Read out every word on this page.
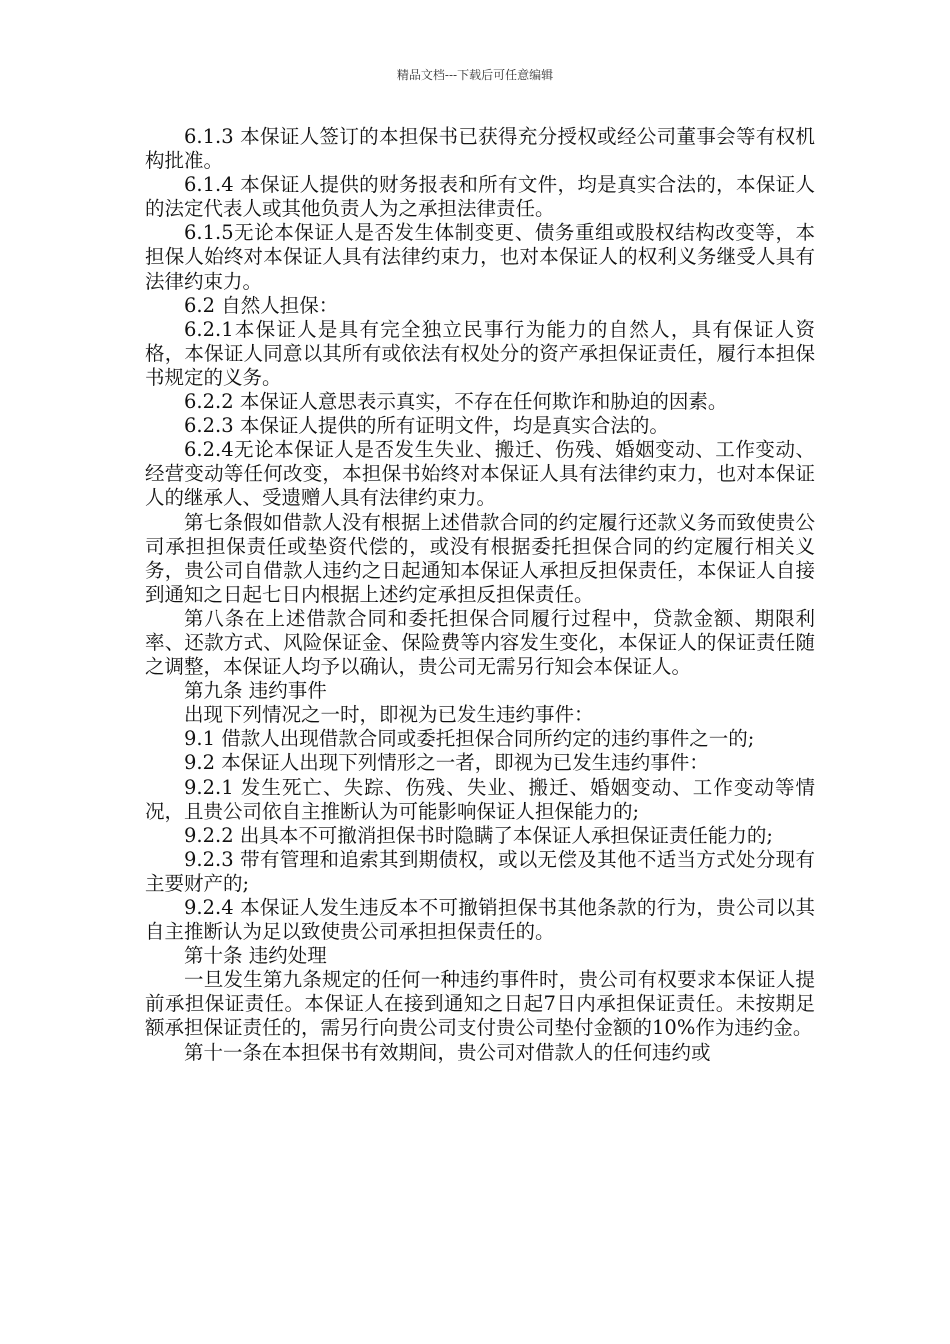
精品文档---下载后可任意编辑

6.1.3 本保证人签订的本担保书已获得充分授权或经公司董事会等有权机构批准。

6.1.4 本保证人提供的财务报表和所有文件，均是真实合法的，本保证人的法定代表人或其他负责人为之承担法律责任。

6.1.5无论本保证人是否发生体制变更、债务重组或股权结构改变等，本担保人始终对本保证人具有法律约束力，也对本保证人的权利义务继受人具有法律约束力。

6.2 自然人担保：

6.2.1本保证人是具有完全独立民事行为能力的自然人，具有保证人资格，本保证人同意以其所有或依法有权处分的资产承担保证责任，履行本担保书规定的义务。

6.2.2 本保证人意思表示真实，不存在任何欺诈和胁迫的因素。

6.2.3 本保证人提供的所有证明文件，均是真实合法的。

6.2.4无论本保证人是否发生失业、搬迁、伤残、婚姻变动、工作变动、经营变动等任何改变，本担保书始终对本保证人具有法律约束力，也对本保证人的继承人、受遗赠人具有法律约束力。

第七条假如借款人没有根据上述借款合同的约定履行还款义务而致使贵公司承担担保责任或垫资代偿的，或没有根据委托担保合同的约定履行相关义务，贵公司自借款人违约之日起通知本保证人承担反担保责任，本保证人自接到通知之日起七日内根据上述约定承担反担保责任。

第八条在上述借款合同和委托担保合同履行过程中，贷款金额、期限利率、还款方式、风险保证金、保险费等内容发生变化，本保证人的保证责任随之调整，本保证人均予以确认，贵公司无需另行知会本保证人。

第九条 违约事件

出现下列情况之一时，即视为已发生违约事件：

9.1 借款人出现借款合同或委托担保合同所约定的违约事件之一的;

9.2 本保证人出现下列情形之一者，即视为已发生违约事件：

9.2.1 发生死亡、失踪、伤残、失业、搬迁、婚姻变动、工作变动等情况，且贵公司依自主推断认为可能影响保证人担保能力的;

9.2.2 出具本不可撤消担保书时隐瞒了本保证人承担保证责任能力的;

9.2.3 带有管理和追索其到期债权，或以无偿及其他不适当方式处分现有主要财产的;

9.2.4 本保证人发生违反本不可撤销担保书其他条款的行为，贵公司以其自主推断认为足以致使贵公司承担担保责任的。

第十条 违约处理

一旦发生第九条规定的任何一种违约事件时，贵公司有权要求本保证人提前承担保证责任。本保证人在接到通知之日起7日内承担保证责任。未按期足额承担保证责任的，需另行向贵公司支付贵公司垫付金额的10%作为违约金。

第十一条在本担保书有效期间，贵公司对借款人的任何违约或
